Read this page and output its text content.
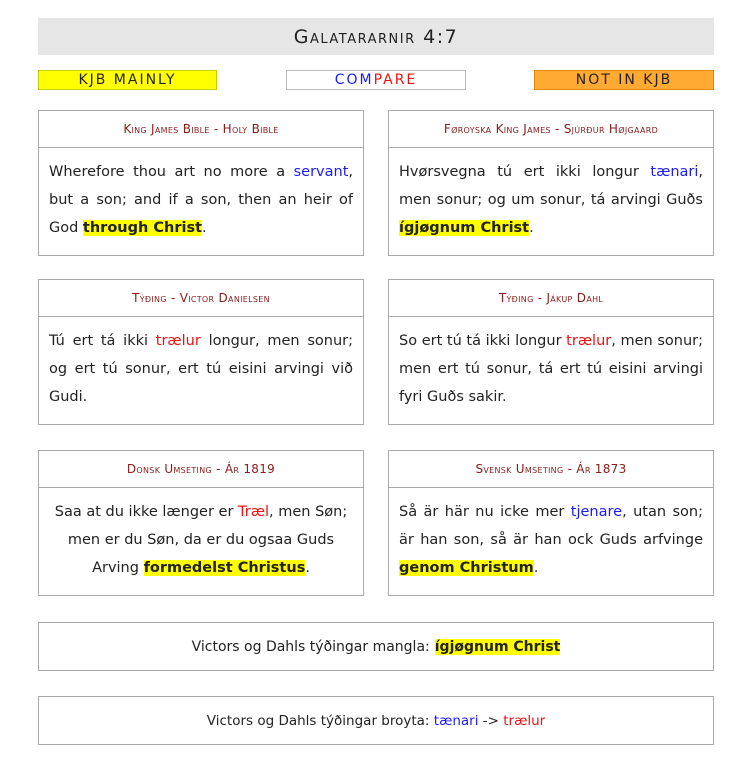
Galatararnir 4:7
KJB MAINLY	COM PARE	NOT IN KJB
King James Bible - Holy Bible
Wherefore thou art no more a servant, but a son; and if a son, then an heir of God through Christ.
Føroyska King James - Sjúrður Højgaard
Hvørsvegna tú ert ikki longur tænari, men sonur; og um sonur, tá arvingi Guðs ígjøgnum Christ.
Týðing - Victor Danielsen
Tú ert tá ikki trælur longur, men sonur; og ert tú sonur, ert tú eisini arvingi við Gudi.
Týðing - Jákup Dahl
So ert tú tá ikki longur trælur, men sonur; men ert tú sonur, tá ert tú eisini arvingi fyri Guðs sakir.
Donsk Umseting - Ár 1819
Saa at du ikke længer er Træl, men Søn; men er du Søn, da er du ogsaa Guds Arving formedelst Christus.
Svensk Umseting - Ár 1873
Så är här nu icke mer tjenare, utan son; är han son, så är han ock Guds arfvinge genom Christum.
Victors og Dahls týðingar mangla: ígjøgnum Christ
Victors og Dahls týðingar broyta:
tænari -> trælur
